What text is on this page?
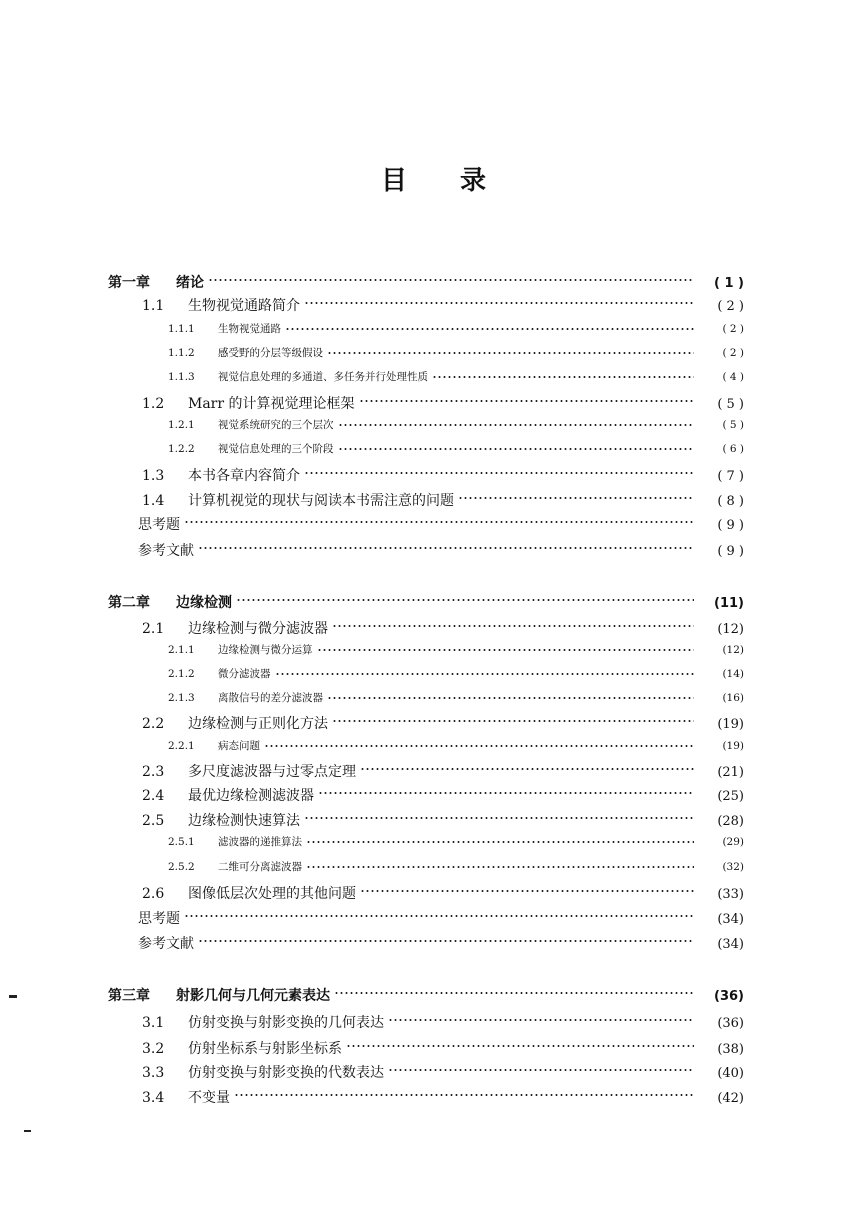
目 录
第一章	绪论	( 1 )
1.1	生物视觉通路简介	( 2 )
1.1.1	生物视觉通路	( 2 )
1.1.2	感受野的分层等级假设	( 2 )
1.1.3	视觉信息处理的多通道、多任务并行处理性质	( 4 )
1.2	Marr 的计算视觉理论框架	( 5 )
1.2.1	视觉系统研究的三个层次	( 5 )
1.2.2	视觉信息处理的三个阶段	( 6 )
1.3	本书各章内容简介	( 7 )
1.4	计算机视觉的现状与阅读本书需注意的问题	( 8 )
思考题	( 9 )
参考文献	( 9 )
第二章	边缘检测	(11)
2.1	边缘检测与微分滤波器	(12)
2.1.1	边缘检测与微分运算	(12)
2.1.2	微分滤波器	(14)
2.1.3	离散信号的差分滤波器	(16)
2.2	边缘检测与正则化方法	(19)
2.2.1	病态问题	(19)
2.3	多尺度滤波器与过零点定理	(21)
2.4	最优边缘检测滤波器	(25)
2.5	边缘检测快速算法	(28)
2.5.1	滤波器的递推算法	(29)
2.5.2	二维可分离滤波器	(32)
2.6	图像低层次处理的其他问题	(33)
思考题	(34)
参考文献	(34)
第三章	射影几何与几何元素表达	(36)
3.1	仿射变换与射影变换的几何表达	(36)
3.2	仿射坐标系与射影坐标系	(38)
3.3	仿射变换与射影变换的代数表达	(40)
3.4	不变量	(42)
